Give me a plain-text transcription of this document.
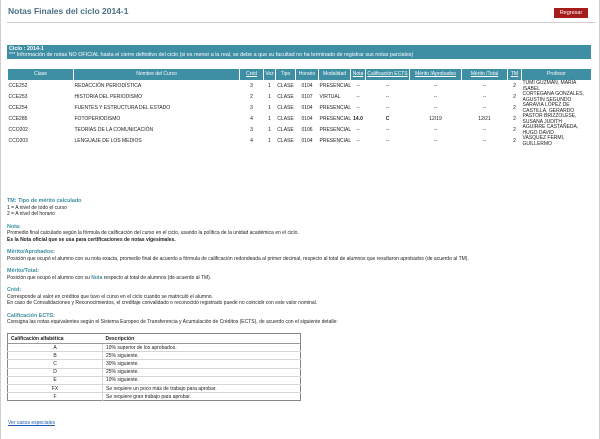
Notas Finales del ciclo 2014-1	Regresar
Ciclo : 2014-1
*** Información de notas NO OFICIAL hasta el cierre definitivo del ciclo (si es menor a la real, se debe a que su facultad no ha terminado de registrar sus notas parciales)
Clase	Nombre del Curso	Créd	Vez	Tipo	Horario	Modalidad	Nota	Calificación ECTS	Mérito /Aprobados	Mérito /Total	TM	Profesor
CCE252	REDACCIÓN PERIODÍSTICA	3	1	CLASE	0104	PRESENCIAL	--	--	--	--	2	TUMI GUZMÁN, MARÍA ISABEL
CCE253	HISTORIA DEL PERIODISMO	2	1	CLASE	0107	VIRTUAL	--	--	--	--	2	CORTEGANA GONZALES, AGUSTIN SEGUNDO
CCE254	FUENTES Y ESTRUCTURA DEL ESTADO	3	1	CLASE	0104	PRESENCIAL	--	--	--	--	2	SARAVIA LÓPEZ DE CASTILLA, GERARDO
CCE285	FOTOPERIODISMO	4	1	CLASE	0104	PRESENCIAL	14.0	C	12/19	12/21	2	PASTOR BRIZZOLESE, SUSANA JUDITH
CCO202	TEORÍAS DE LA COMUNICACIÓN	3	1	CLASE	0106	PRESENCIAL	--	--	--	--	2	AGUIRRE CASTAÑEDA, HUGO DAVID
CCO203	LENGUAJE DE LOS MEDIOS	4	1	CLASE	0104	PRESENCIAL	--	--	--	--	2	VASQUEZ FERMI, GUILLERMO
TM: Tipo de mérito calculado
1 = A nivel de todo el curso
2 = A nivel del horario
Nota:
Promedio final calculado según la fórmula de calificación del curso en el ciclo, usando la política de la unidad académica en el ciclo.
Es la Nota oficial que se usa para certificaciones de notas vigesimales.
Mérito/Aprobados:
Posición que ocupó el alumno con su nota exacta, promedio final de acuerdo a fórmula de calificación redondeada al primer decimal, respecto al total de alumnos que resultaron aprobados (de acuerdo al TM).
Mérito/Total:
Posición que ocupó el alumno con su Nota respecto al total de alumnos (de acuerdo al TM).
Créd:
Corresponde al valor en créditos que tuvo el curso en el ciclo cuando se matriculó el alumno.
En caso de Convalidaciones y Reconocimientos, el creditaje convalidado o reconocido registrado puede no coincidir con este valor nominal.
Calificación ECTS:
Consigna las notas equivalentes según el Sistema Europeo de Transferencia y Acumulación de Créditos (ECTS), de acuerdo con el siguiente detalle:
Calificación alfabética	Descripción
A	10% superior de los aprobados.
B	25% siguiente.
C	30% siguiente.
D	25% siguiente.
E	10% siguiente.
FX	Se requiere un poco más de trabajo para aprobar.
F	Se requiere gran trabajo para aprobar.
Ver casos especiales
